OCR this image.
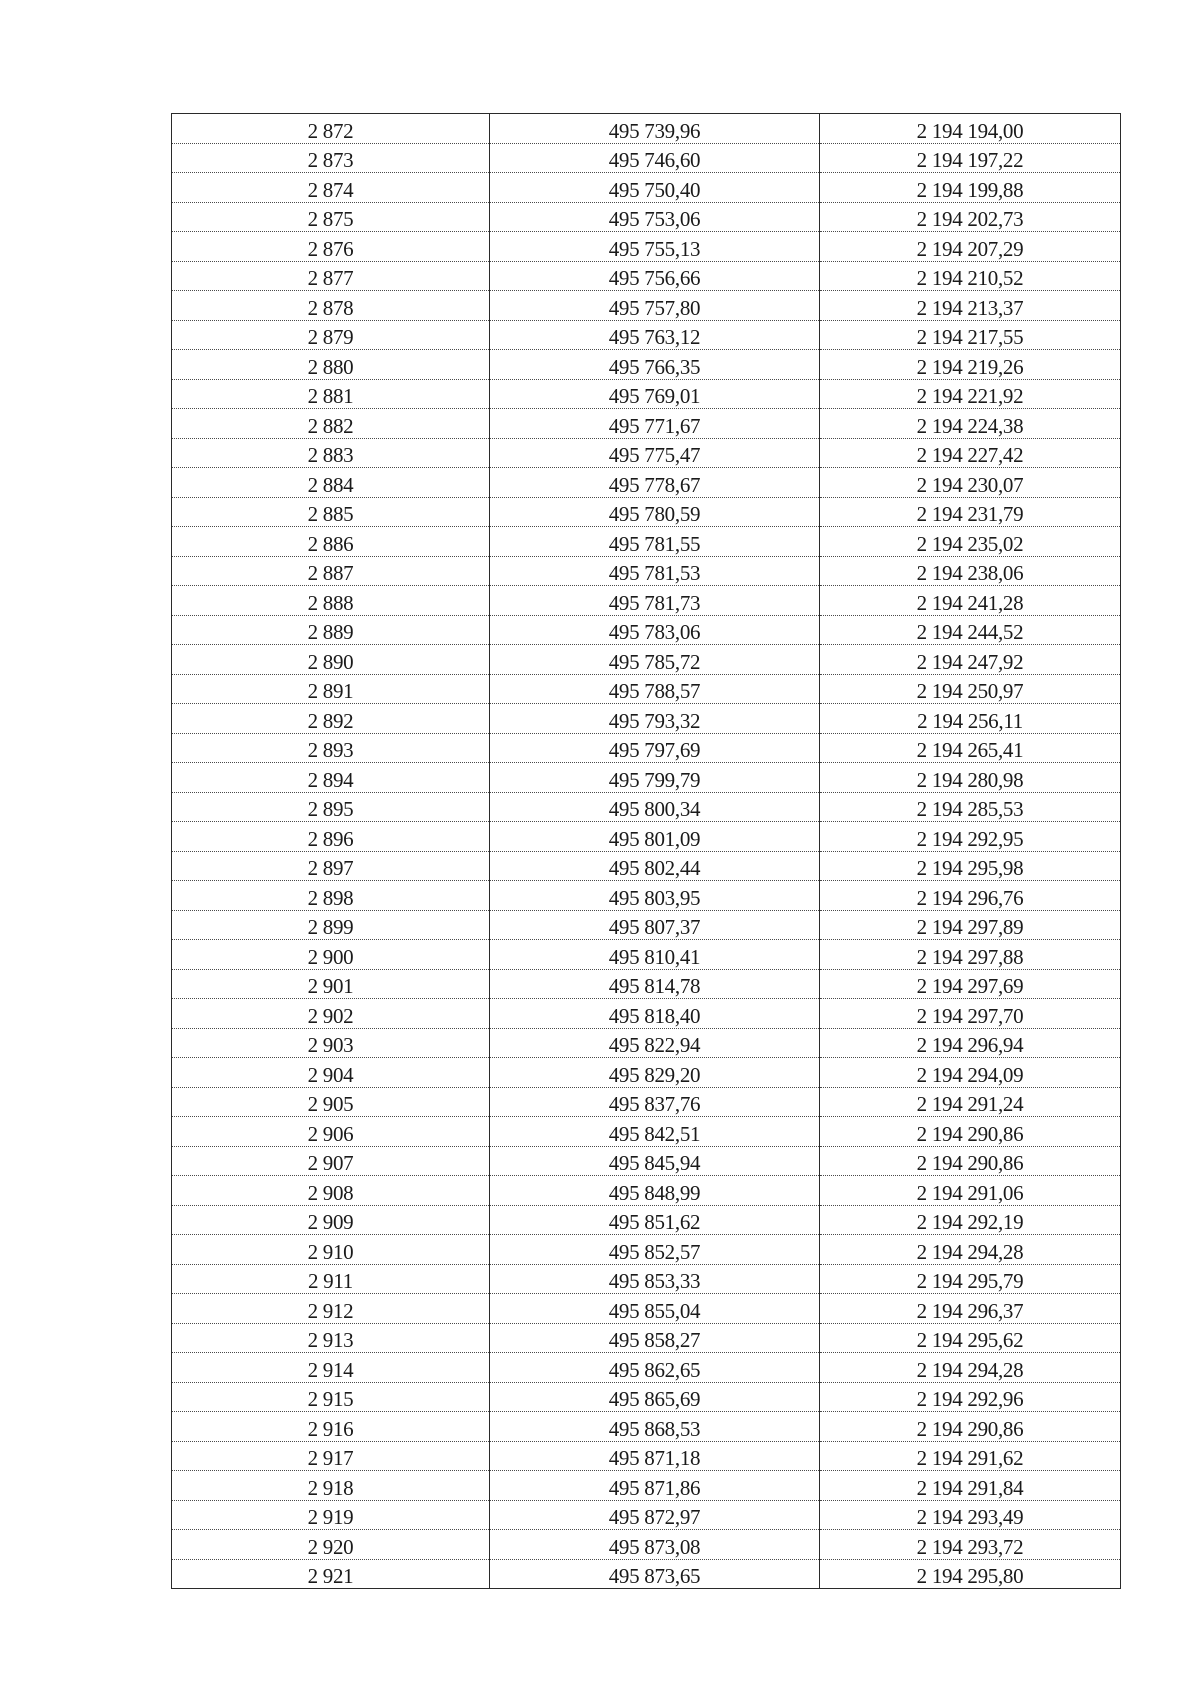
2 872	495 739,96	2 194 194,00
2 873	495 746,60	2 194 197,22
2 874	495 750,40	2 194 199,88
2 875	495 753,06	2 194 202,73
2 876	495 755,13	2 194 207,29
2 877	495 756,66	2 194 210,52
2 878	495 757,80	2 194 213,37
2 879	495 763,12	2 194 217,55
2 880	495 766,35	2 194 219,26
2 881	495 769,01	2 194 221,92
2 882	495 771,67	2 194 224,38
2 883	495 775,47	2 194 227,42
2 884	495 778,67	2 194 230,07
2 885	495 780,59	2 194 231,79
2 886	495 781,55	2 194 235,02
2 887	495 781,53	2 194 238,06
2 888	495 781,73	2 194 241,28
2 889	495 783,06	2 194 244,52
2 890	495 785,72	2 194 247,92
2 891	495 788,57	2 194 250,97
2 892	495 793,32	2 194 256,11
2 893	495 797,69	2 194 265,41
2 894	495 799,79	2 194 280,98
2 895	495 800,34	2 194 285,53
2 896	495 801,09	2 194 292,95
2 897	495 802,44	2 194 295,98
2 898	495 803,95	2 194 296,76
2 899	495 807,37	2 194 297,89
2 900	495 810,41	2 194 297,88
2 901	495 814,78	2 194 297,69
2 902	495 818,40	2 194 297,70
2 903	495 822,94	2 194 296,94
2 904	495 829,20	2 194 294,09
2 905	495 837,76	2 194 291,24
2 906	495 842,51	2 194 290,86
2 907	495 845,94	2 194 290,86
2 908	495 848,99	2 194 291,06
2 909	495 851,62	2 194 292,19
2 910	495 852,57	2 194 294,28
2 911	495 853,33	2 194 295,79
2 912	495 855,04	2 194 296,37
2 913	495 858,27	2 194 295,62
2 914	495 862,65	2 194 294,28
2 915	495 865,69	2 194 292,96
2 916	495 868,53	2 194 290,86
2 917	495 871,18	2 194 291,62
2 918	495 871,86	2 194 291,84
2 919	495 872,97	2 194 293,49
2 920	495 873,08	2 194 293,72
2 921	495 873,65	2 194 295,80
